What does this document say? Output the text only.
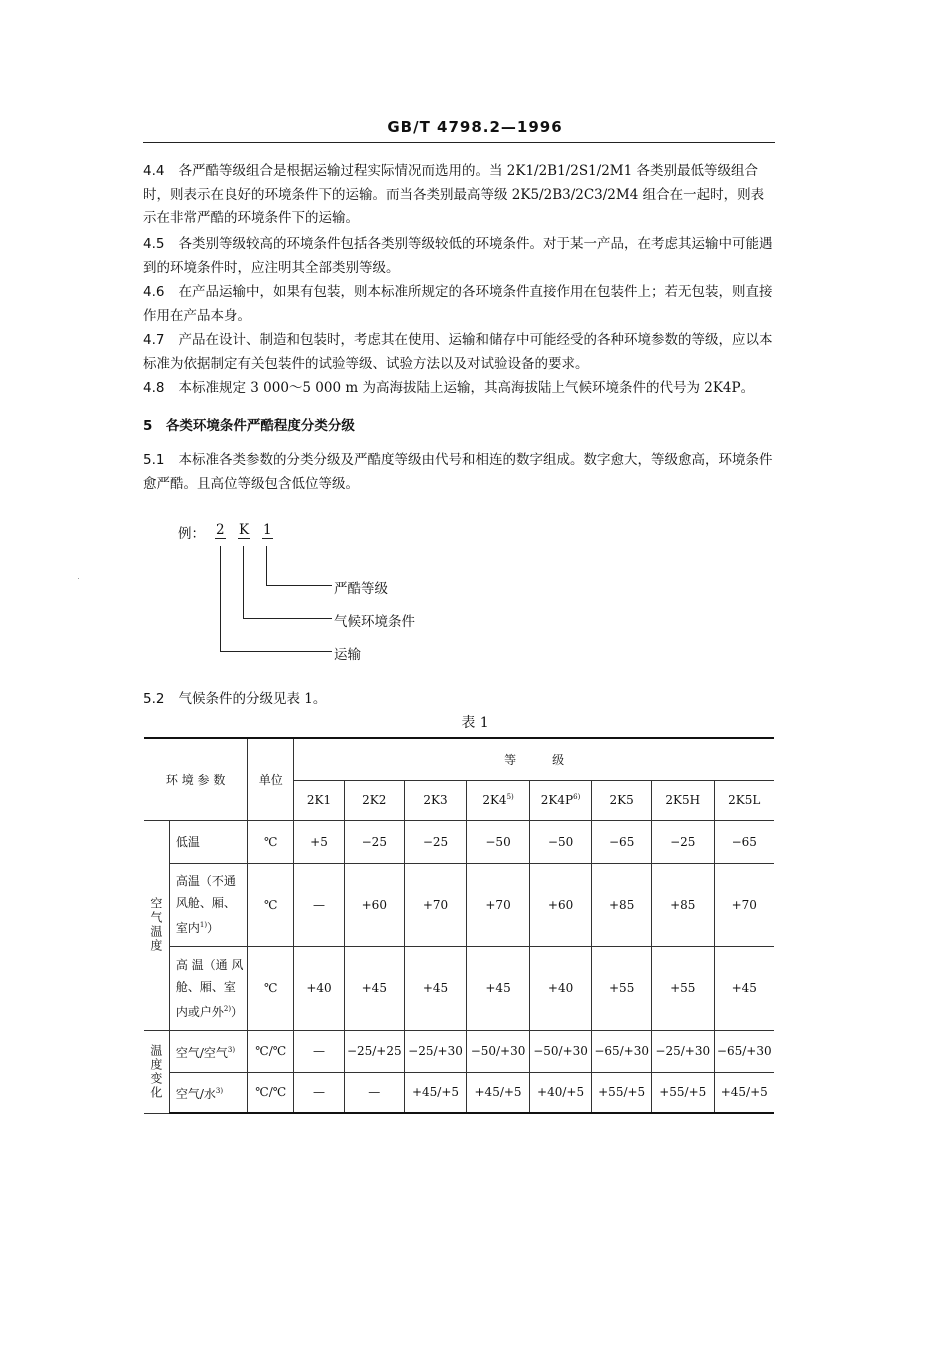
GB/T 4798.2—1996
4.4 各严酷等级组合是根据运输过程实际情况而选用的。当 2K1/2B1/2S1/2M1 各类别最低等级组合时，则表示在良好的环境条件下的运输。而当各类别最高等级 2K5/2B3/2C3/2M4 组合在一起时，则表示在非常严酷的环境条件下的运输。
4.5 各类别等级较高的环境条件包括各类别等级较低的环境条件。对于某一产品，在考虑其运输中可能遇到的环境条件时，应注明其全部类别等级。
4.6 在产品运输中，如果有包装，则本标准所规定的各环境条件直接作用在包装件上；若无包装，则直接作用在产品本身。
4.7 产品在设计、制造和包装时，考虑其在使用、运输和储存中可能经受的各种环境参数的等级，应以本标准为依据制定有关包装件的试验等级、试验方法以及对试验设备的要求。
4.8 本标准规定 3 000～5 000 m 为高海拔陆上运输，其高海拔陆上气候环境条件的代号为 2K4P。
5　各类环境条件严酷程度分类分级
5.1 本标准各类参数的分类分级及严酷度等级由代号和相连的数字组成。数字愈大，等级愈高，环境条件愈严酷。且高位等级包含低位等级。
例： 2 K 1
严酷等级
气候环境条件
运输
5.2 气候条件的分级见表 1。
表 1
环 境 参 数		单位	等　　　级							
			2K1	2K2	2K3	2K4$^{5)}$	$2K4P^{6)}$	2K5	2K5H	2K5L
空气温度	低温	℃	+5	−25	−25	−50	−50	−65	−25	−65
	高温（不通风舱、厢、室内$^{1)}$）	℃	—	+60	+70	+70	+60	+85	+85	+70
	高 温（通 风舱、厢、室 内或户外$^{2)}$）	℃	+40	+45	+45	+45	+40	+55	+55	+45
温度变化	空气/空气$^{3)}$	℃/℃	—	−25/+25	−25/+30	−50/+30	−50/+30	−65/+30	−25/+30	−65/+30
	空气/水$^{3)}$	℃/℃	—	—	+45/+5	+45/+5	+40/+5	+55/+5	+55/+5	+45/+5
